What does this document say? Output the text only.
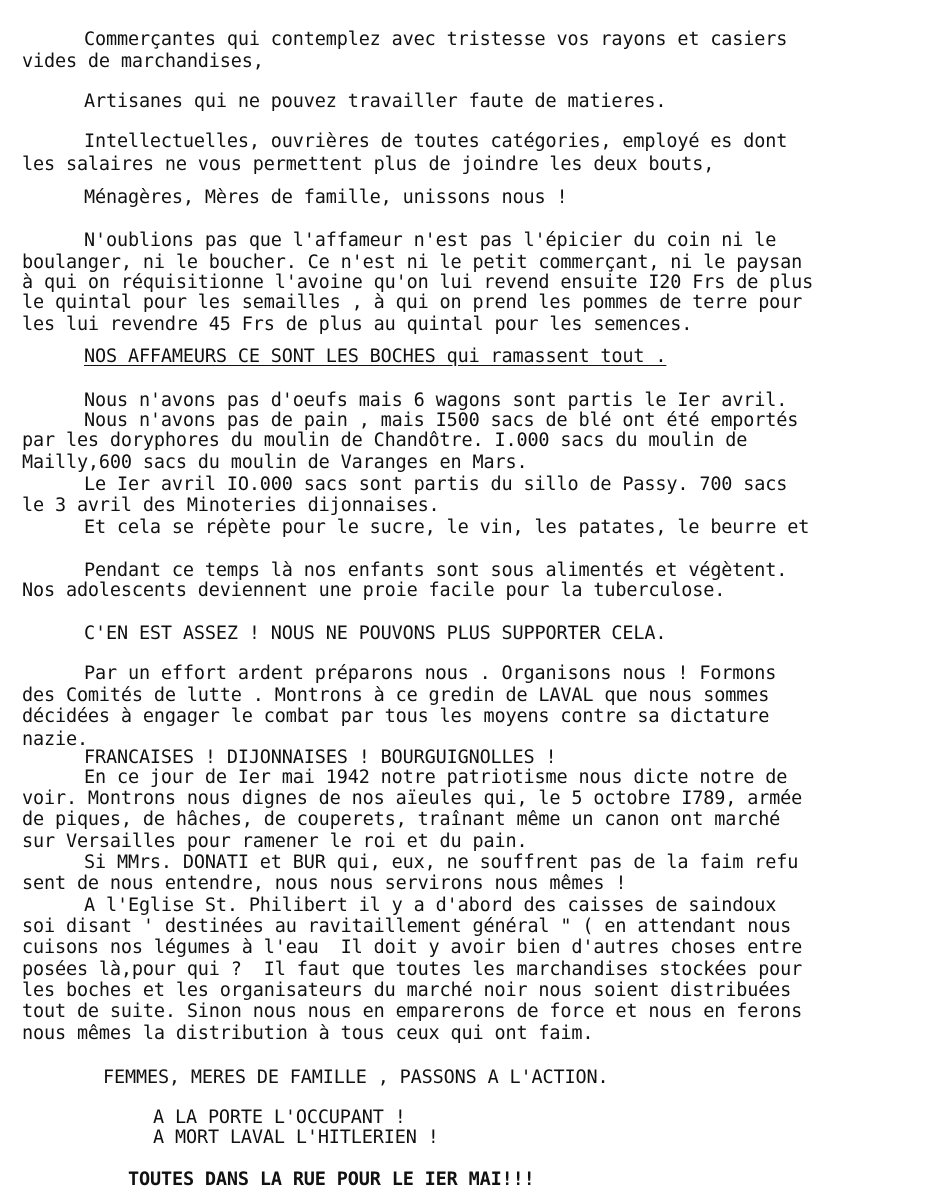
Commerçantes qui contemplez avec tristesse vos rayons et casiers
vides de marchandises,
Artisanes qui ne pouvez travailler faute de matieres.
Intellectuelles, ouvrières de toutes catégories, employé es dont
les salaires ne vous permettent plus de joindre les deux bouts,
Ménagères, Mères de famille, unissons nous !
N'oublions pas que l'affameur n'est pas l'épicier du coin ni le
boulanger, ni le boucher. Ce n'est ni le petit commerçant, ni le paysan
à qui on réquisitionne l'avoine qu'on lui revend ensuite I20 Frs de plus
le quintal pour les semailles , à qui on prend les pommes de terre pour
les lui revendre 45 Frs de plus au quintal pour les semences.
NOS AFFAMEURS CE SONT LES BOCHES qui ramassent tout .
Nous n'avons pas d'oeufs mais 6 wagons sont partis le Ier avril.
Nous n'avons pas de pain , mais I500 sacs de blé ont été emportés
par les doryphores du moulin de Chandôtre. I.000 sacs du moulin de
Mailly,600 sacs du moulin de Varanges en Mars.
Le Ier avril IO.000 sacs sont partis du sillo de Passy. 700 sacs
le 3 avril des Minoteries dijonnaises.
Et cela se répète pour le sucre, le vin, les patates, le beurre et
Pendant ce temps là nos enfants sont sous alimentés et végètent.
Nos adolescents deviennent une proie facile pour la tuberculose.
C'EN EST ASSEZ ! NOUS NE POUVONS PLUS SUPPORTER CELA.
Par un effort ardent préparons nous . Organisons nous ! Formons
des Comités de lutte . Montrons à ce gredin de LAVAL que nous sommes
décidées à engager le combat par tous les moyens contre sa dictature
nazie.
FRANCAISES ! DIJONNAISES ! BOURGUIGNOLLES !
En ce jour de Ier mai 1942 notre patriotisme nous dicte notre de
voir. Montrons nous dignes de nos aïeules qui, le 5 octobre I789, armée
de piques, de hâches, de couperets, traînant même un canon ont marché
sur Versailles pour ramener le roi et du pain.
Si MMrs. DONATI et BUR qui, eux, ne souffrent pas de la faim refu
sent de nous entendre, nous nous servirons nous mêmes !
A l'Eglise St. Philibert il y a d'abord des caisses de saindoux
soi disant ' destinées au ravitaillement général " ( en attendant nous
cuisons nos légumes à l'eau  Il doit y avoir bien d'autres choses entre
posées là,pour qui ?  Il faut que toutes les marchandises stockées pour
les boches et les organisateurs du marché noir nous soient distribuées
tout de suite. Sinon nous nous en emparerons de force et nous en ferons
nous mêmes la distribution à tous ceux qui ont faim.
FEMMES, MERES DE FAMILLE , PASSONS A L'ACTION.
A LA PORTE L'OCCUPANT !
A MORT LAVAL L'HITLERIEN !
TOUTES DANS LA RUE POUR LE IER MAI!!!
